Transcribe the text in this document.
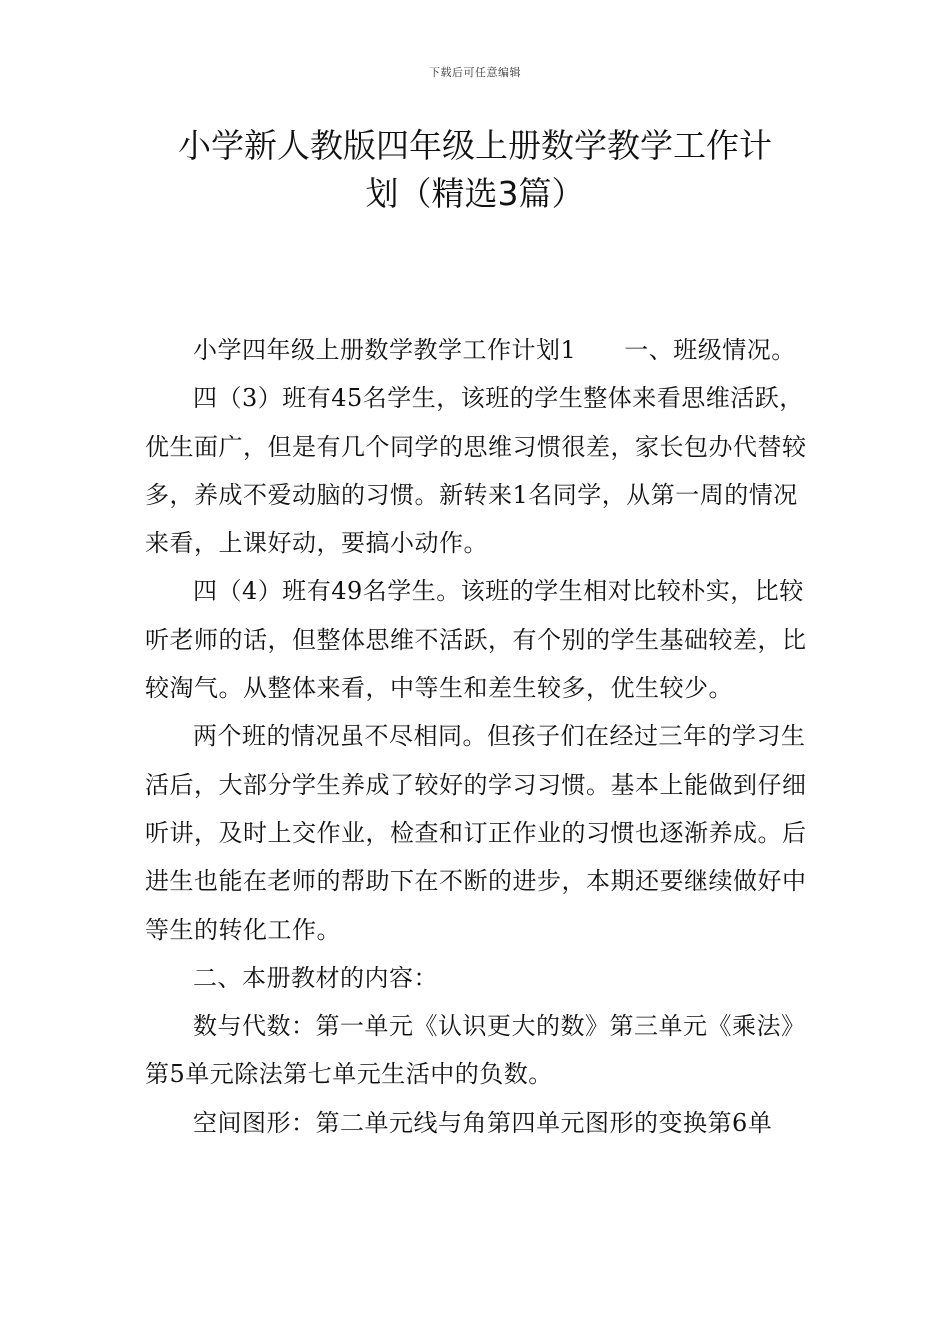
下载后可任意编辑
小学新人教版四年级上册数学教学工作计
划（精选3篇）

小学四年级上册数学教学工作计划1 一、班级情况。

四（3）班有45名学生，该班的学生整体来看思维活跃，优生面广，但是有几个同学的思维习惯很差，家长包办代替较多，养成不爱动脑的习惯。新转来1名同学，从第一周的情况来看，上课好动，要搞小动作。

四（4）班有49名学生。该班的学生相对比较朴实，比较听老师的话，但整体思维不活跃，有个别的学生基础较差，比较淘气。从整体来看，中等生和差生较多，优生较少。

两个班的情况虽不尽相同。但孩子们在经过三年的学习生活后，大部分学生养成了较好的学习习惯。基本上能做到仔细听讲，及时上交作业，检查和订正作业的习惯也逐渐养成。后进生也能在老师的帮助下在不断的进步，本期还要继续做好中等生的转化工作。

二、本册教材的内容：

数与代数：第一单元《认识更大的数》第三单元《乘法》第5单元除法第七单元生活中的负数。

空间图形：第二单元线与角第四单元图形的变换第6单
